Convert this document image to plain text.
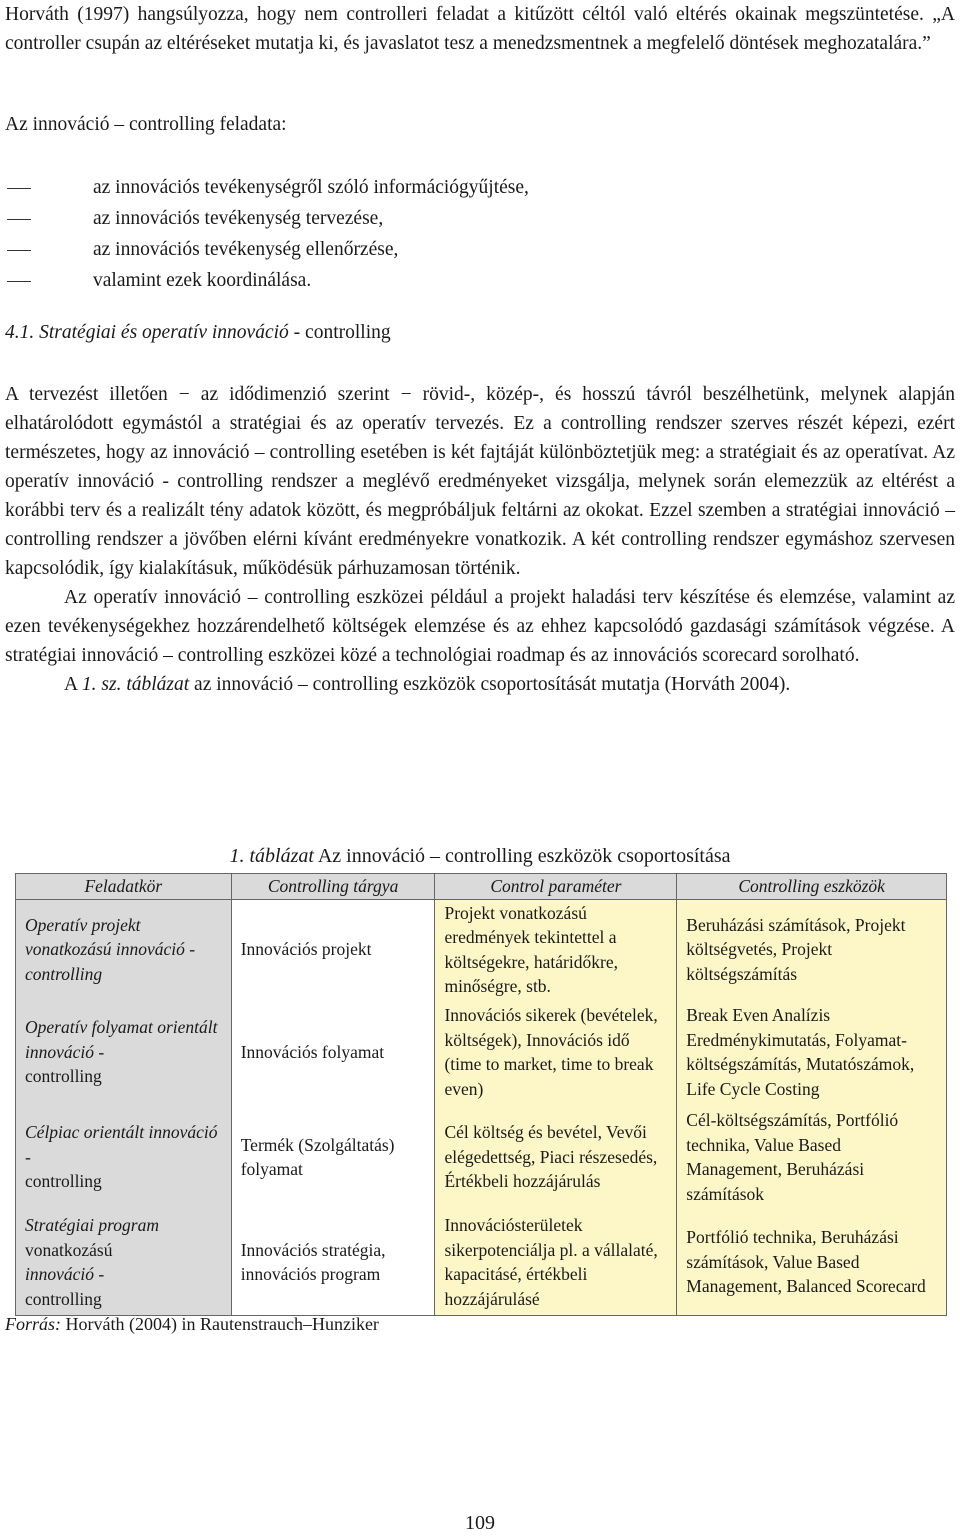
Horváth (1997) hangsúlyozza, hogy nem controlleri feladat a kitűzött céltól való eltérés okainak megszüntetése. „A controller csupán az eltéréseket mutatja ki, és javaslatot tesz a menedzsmentnek a megfelelő döntések meghozatalára.”

Az innováció – controlling feladata:
az innovációs tevékenységről szóló információgyűjtése,
az innovációs tevékenység tervezése,
az innovációs tevékenység ellenőrzése,
valamint ezek koordinálása.
4.1. Stratégiai és operatív innováció - controlling

A tervezést illetően − az idődimenzió szerint − rövid-, közép-, és hosszú távról beszélhetünk, melynek alapján elhatárolódott egymástól a stratégiai és az operatív tervezés. Ez a controlling rendszer szerves részét képezi, ezért természetes, hogy az innováció – controlling esetében is két fajtáját különböztetjük meg: a stratégiait és az operatívat. Az operatív innováció - controlling rendszer a meglévő eredményeket vizsgálja, melynek során elemezzük az eltérést a korábbi terv és a realizált tény adatok között, és megpróbáljuk feltárni az okokat. Ezzel szemben a stratégiai innováció – controlling rendszer a jövőben elérni kívánt eredményekre vonatkozik. A két controlling rendszer egymáshoz szervesen kapcsolódik, így kialakításuk, működésük párhuzamosan történik.

Az operatív innováció – controlling eszközei például a projekt haladási terv készítése és elemzése, valamint az ezen tevékenységekhez hozzárendelhető költségek elemzése és az ehhez kapcsolódó gazdasági számítások végzése. A stratégiai innováció – controlling eszközei közé a technológiai roadmap és az innovációs scorecard sorolható.

A 1. sz. táblázat az innováció – controlling eszközök csoportosítását mutatja (Horváth 2004).

1. táblázat Az innováció – controlling eszközök csoportosítása
Feladatkör	Controlling tárgya	Control paraméter	Controlling eszközök
Operatív projekt
vonatkozású innováció - controlling	Innovációs projekt	Projekt vonatkozású eredmények tekintettel a költségekre, határidőkre, minőségre, stb.	Beruházási számítások, Projekt költségvetés, Projekt költségszámítás
Operatív folyamat orientált innováció -
controlling	Innovációs folyamat	Innovációs sikerek (bevételek, költségek), Innovációs idő (time to market, time to break even)	Break Even Analízis Eredménykimutatás, Folyamat-költségszámítás, Mutatószámok, Life Cycle Costing
Célpiac orientált innováció -
controlling	Termék (Szolgáltatás) folyamat	Cél költség és bevétel, Vevői elégedettség, Piaci részesedés, Értékbeli hozzájárulás	Cél-költségszámítás, Portfólió technika, Value Based Management, Beruházási számítások
Stratégiai program
vonatkozású
innováció -
controlling	Innovációs stratégia, innovációs program	Innovációsterületek sikerpotenciálja pl. a vállalaté, kapacitásé, értékbeli hozzájárulásé	Portfólió technika, Beruházási számítások, Value Based Management, Balanced Scorecard
Forrás: Horváth (2004) in Rautenstrauch–Hunziker
109
